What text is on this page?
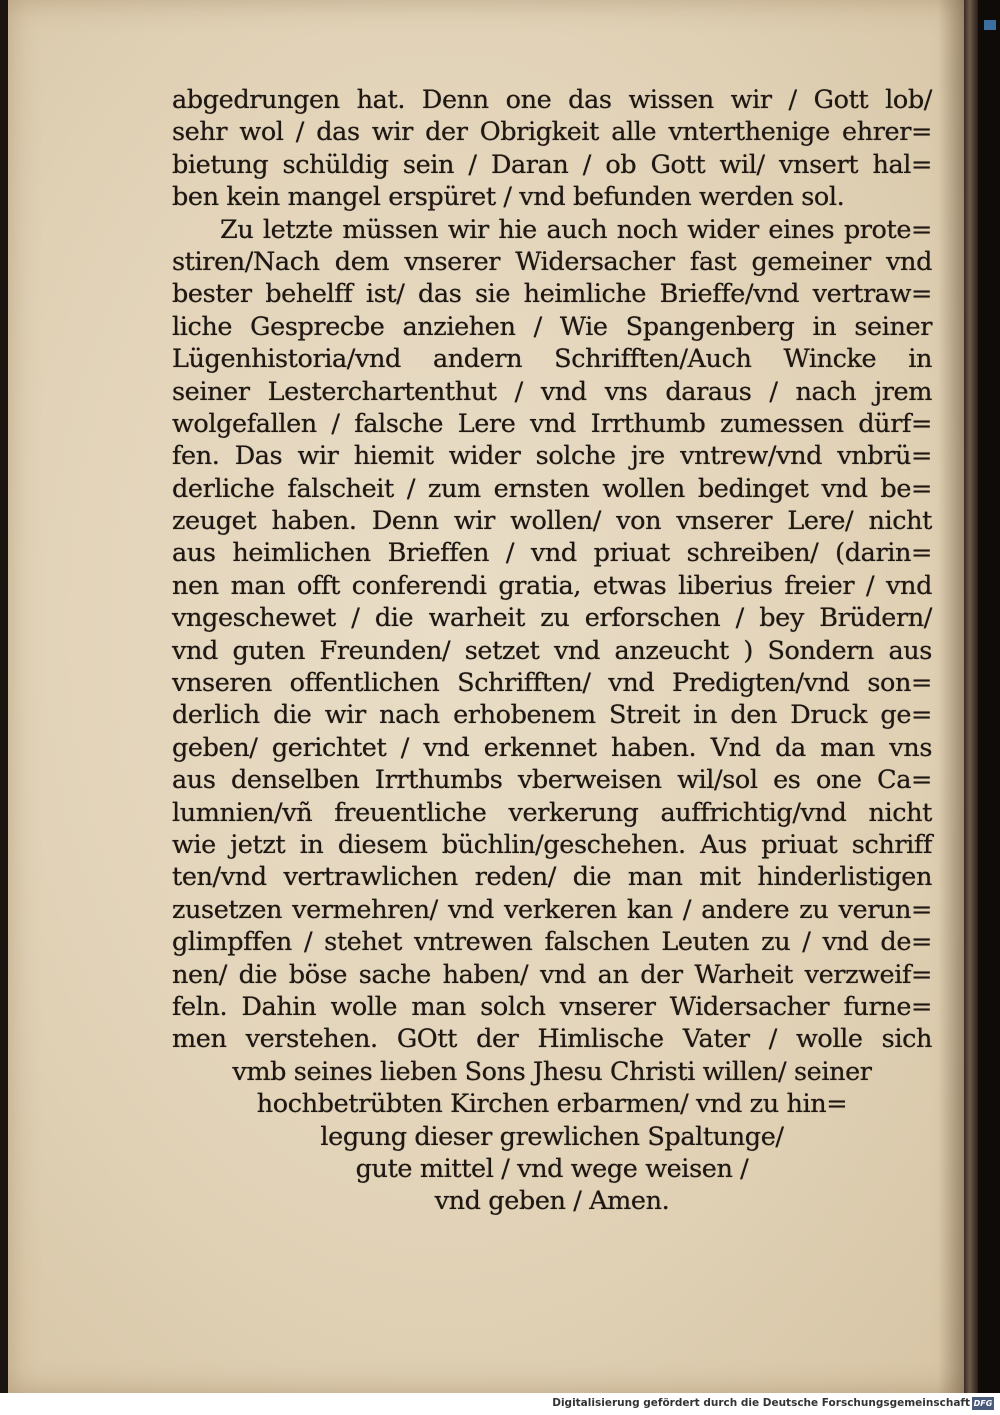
abgedrungen hat. Denn one das wissen wir / Gott lob/
sehr wol / das wir der Obrigkeit alle vnterthenige ehrer=
bietung schüldig sein / Daran / ob Gott wil/ vnsert hal=
ben kein mangel erspüret / vnd befunden werden sol.
Zu letzte müssen wir hie auch noch wider eines prote=
stiren/Nach dem vnserer Widersacher fast gemeiner vnd
bester behelff ist/ das sie heimliche Brieffe/vnd vertraw=
liche Gesprecbe anziehen / Wie Spangenberg in seiner
Lügenhistoria/vnd andern Schrifften/Auch Wincke in
seiner Lesterchartenthut / vnd vns daraus / nach jrem
wolgefallen / falsche Lere vnd Irrthumb zumessen dürf=
fen. Das wir hiemit wider solche jre vntrew/vnd vnbrü=
derliche falscheit / zum ernsten wollen bedinget vnd be=
zeuget haben. Denn wir wollen/ von vnserer Lere/ nicht
aus heimlichen Brieffen / vnd priuat schreiben/ (darin=
nen man offt conferendi gratia, etwas liberius freier / vnd
vngeschewet / die warheit zu erforschen / bey Brüdern/
vnd guten Freunden/ setzet vnd anzeucht ) Sondern aus
vnseren offentlichen Schrifften/ vnd Predigten/vnd son=
derlich die wir nach erhobenem Streit in den Druck ge=
geben/ gerichtet / vnd erkennet haben. Vnd da man vns
aus denselben Irrthumbs vberweisen wil/sol es one Ca=
lumnien/vñ freuentliche verkerung auffrichtig/vnd nicht
wie jetzt in diesem büchlin/geschehen. Aus priuat schriff
ten/vnd vertrawlichen reden/ die man mit hinderlistigen
zusetzen vermehren/ vnd verkeren kan / andere zu verun=
glimpffen / stehet vntrewen falschen Leuten zu / vnd de=
nen/ die böse sache haben/ vnd an der Warheit verzweif=
feln. Dahin wolle man solch vnserer Widersacher furne=
men verstehen. GOtt der Himlische Vater / wolle sich
vmb seines lieben Sons Jhesu Christi willen/ seiner
hochbetrübten Kirchen erbarmen/ vnd zu hin=
legung dieser grewlichen Spaltunge/
gute mittel / vnd wege weisen /
vnd geben / Amen.
Digitalisierung gefördert durch die Deutsche Forschungsgemeinschaft DFG
